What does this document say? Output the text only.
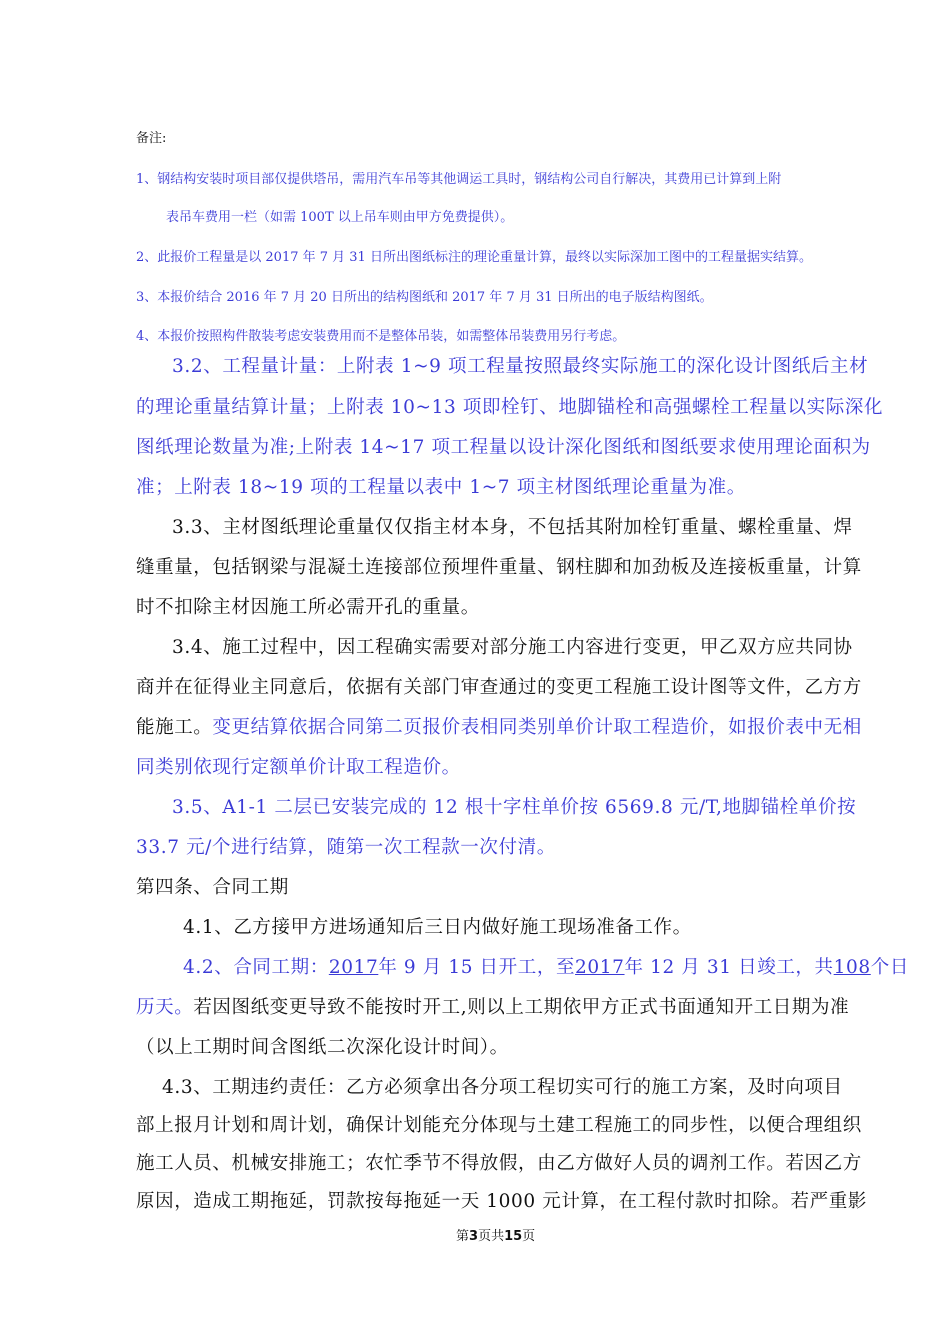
备注:
1、钢结构安装时项目部仅提供塔吊，需用汽车吊等其他调运工具时，钢结构公司自行解决，其费用已计算到上附
表吊车费用一栏（如需 100T 以上吊车则由甲方免费提供）。
2、此报价工程量是以 2017 年 7 月 31 日所出图纸标注的理论重量计算，最终以实际深加工图中的工程量据实结算。
3、本报价结合 2016 年 7 月 20 日所出的结构图纸和 2017 年 7 月 31 日所出的电子版结构图纸。
4、本报价按照构件散装考虑安装费用而不是整体吊装，如需整体吊装费用另行考虑。
3.2、工程量计量：上附表 1~9 项工程量按照最终实际施工的深化设计图纸后主材
的理论重量结算计量；上附表 10~13 项即栓钉、地脚锚栓和高强螺栓工程量以实际深化
图纸理论数量为准;上附表 14~17 项工程量以设计深化图纸和图纸要求使用理论面积为
准；上附表 18~19 项的工程量以表中 1~7 项主材图纸理论重量为准。
3.3、主材图纸理论重量仅仅指主材本身，不包括其附加栓钉重量、螺栓重量、焊
缝重量，包括钢梁与混凝土连接部位预埋件重量、钢柱脚和加劲板及连接板重量，计算
时不扣除主材因施工所必需开孔的重量。
3.4、施工过程中，因工程确实需要对部分施工内容进行变更，甲乙双方应共同协
商并在征得业主同意后，依据有关部门审查通过的变更工程施工设计图等文件，乙方方
能施工。变更结算依据合同第二页报价表相同类别单价计取工程造价，如报价表中无相
同类别依现行定额单价计取工程造价。
3.5、A1-1 二层已安装完成的 12 根十字柱单价按 6569.8 元/T,地脚锚栓单价按
33.7 元/个进行结算，随第一次工程款一次付清。
第四条、合同工期
4.1、乙方接甲方进场通知后三日内做好施工现场准备工作。
4.2、合同工期：2017年 9 月 15 日开工，至2017年 12 月 31 日竣工，共108个日
历天。若因图纸变更导致不能按时开工,则以上工期依甲方正式书面通知开工日期为准
（以上工期时间含图纸二次深化设计时间）。
4.3、工期违约责任：乙方必须拿出各分项工程切实可行的施工方案，及时向项目
部上报月计划和周计划，确保计划能充分体现与土建工程施工的同步性，以便合理组织
施工人员、机械安排施工；农忙季节不得放假，由乙方做好人员的调剂工作。若因乙方
原因，造成工期拖延，罚款按每拖延一天 1000 元计算，在工程付款时扣除。若严重影
第3页共15页
